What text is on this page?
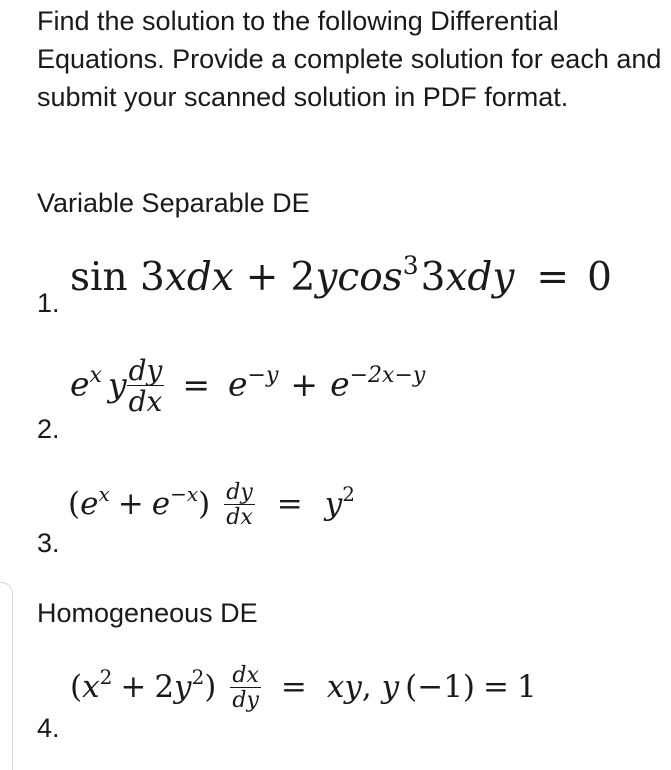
Find the solution to the following Differential Equations. Provide a complete solution for each and submit your scanned solution in PDF format.

Variable Separable DE

1.
sin 3xdx + 2ycos$^3$3xdy = 0
2.
$e^x$ y $\frac{dy}{dx} = e^{-y} + e^{-2x-y}$
3.
$(e^x + e^{-x}) \frac{dy}{dx} = y^2$

Homogeneous DE

4.
$(x^2 + 2y^2) \frac{dx}{dy}$ = xy, y (−1) = 1
